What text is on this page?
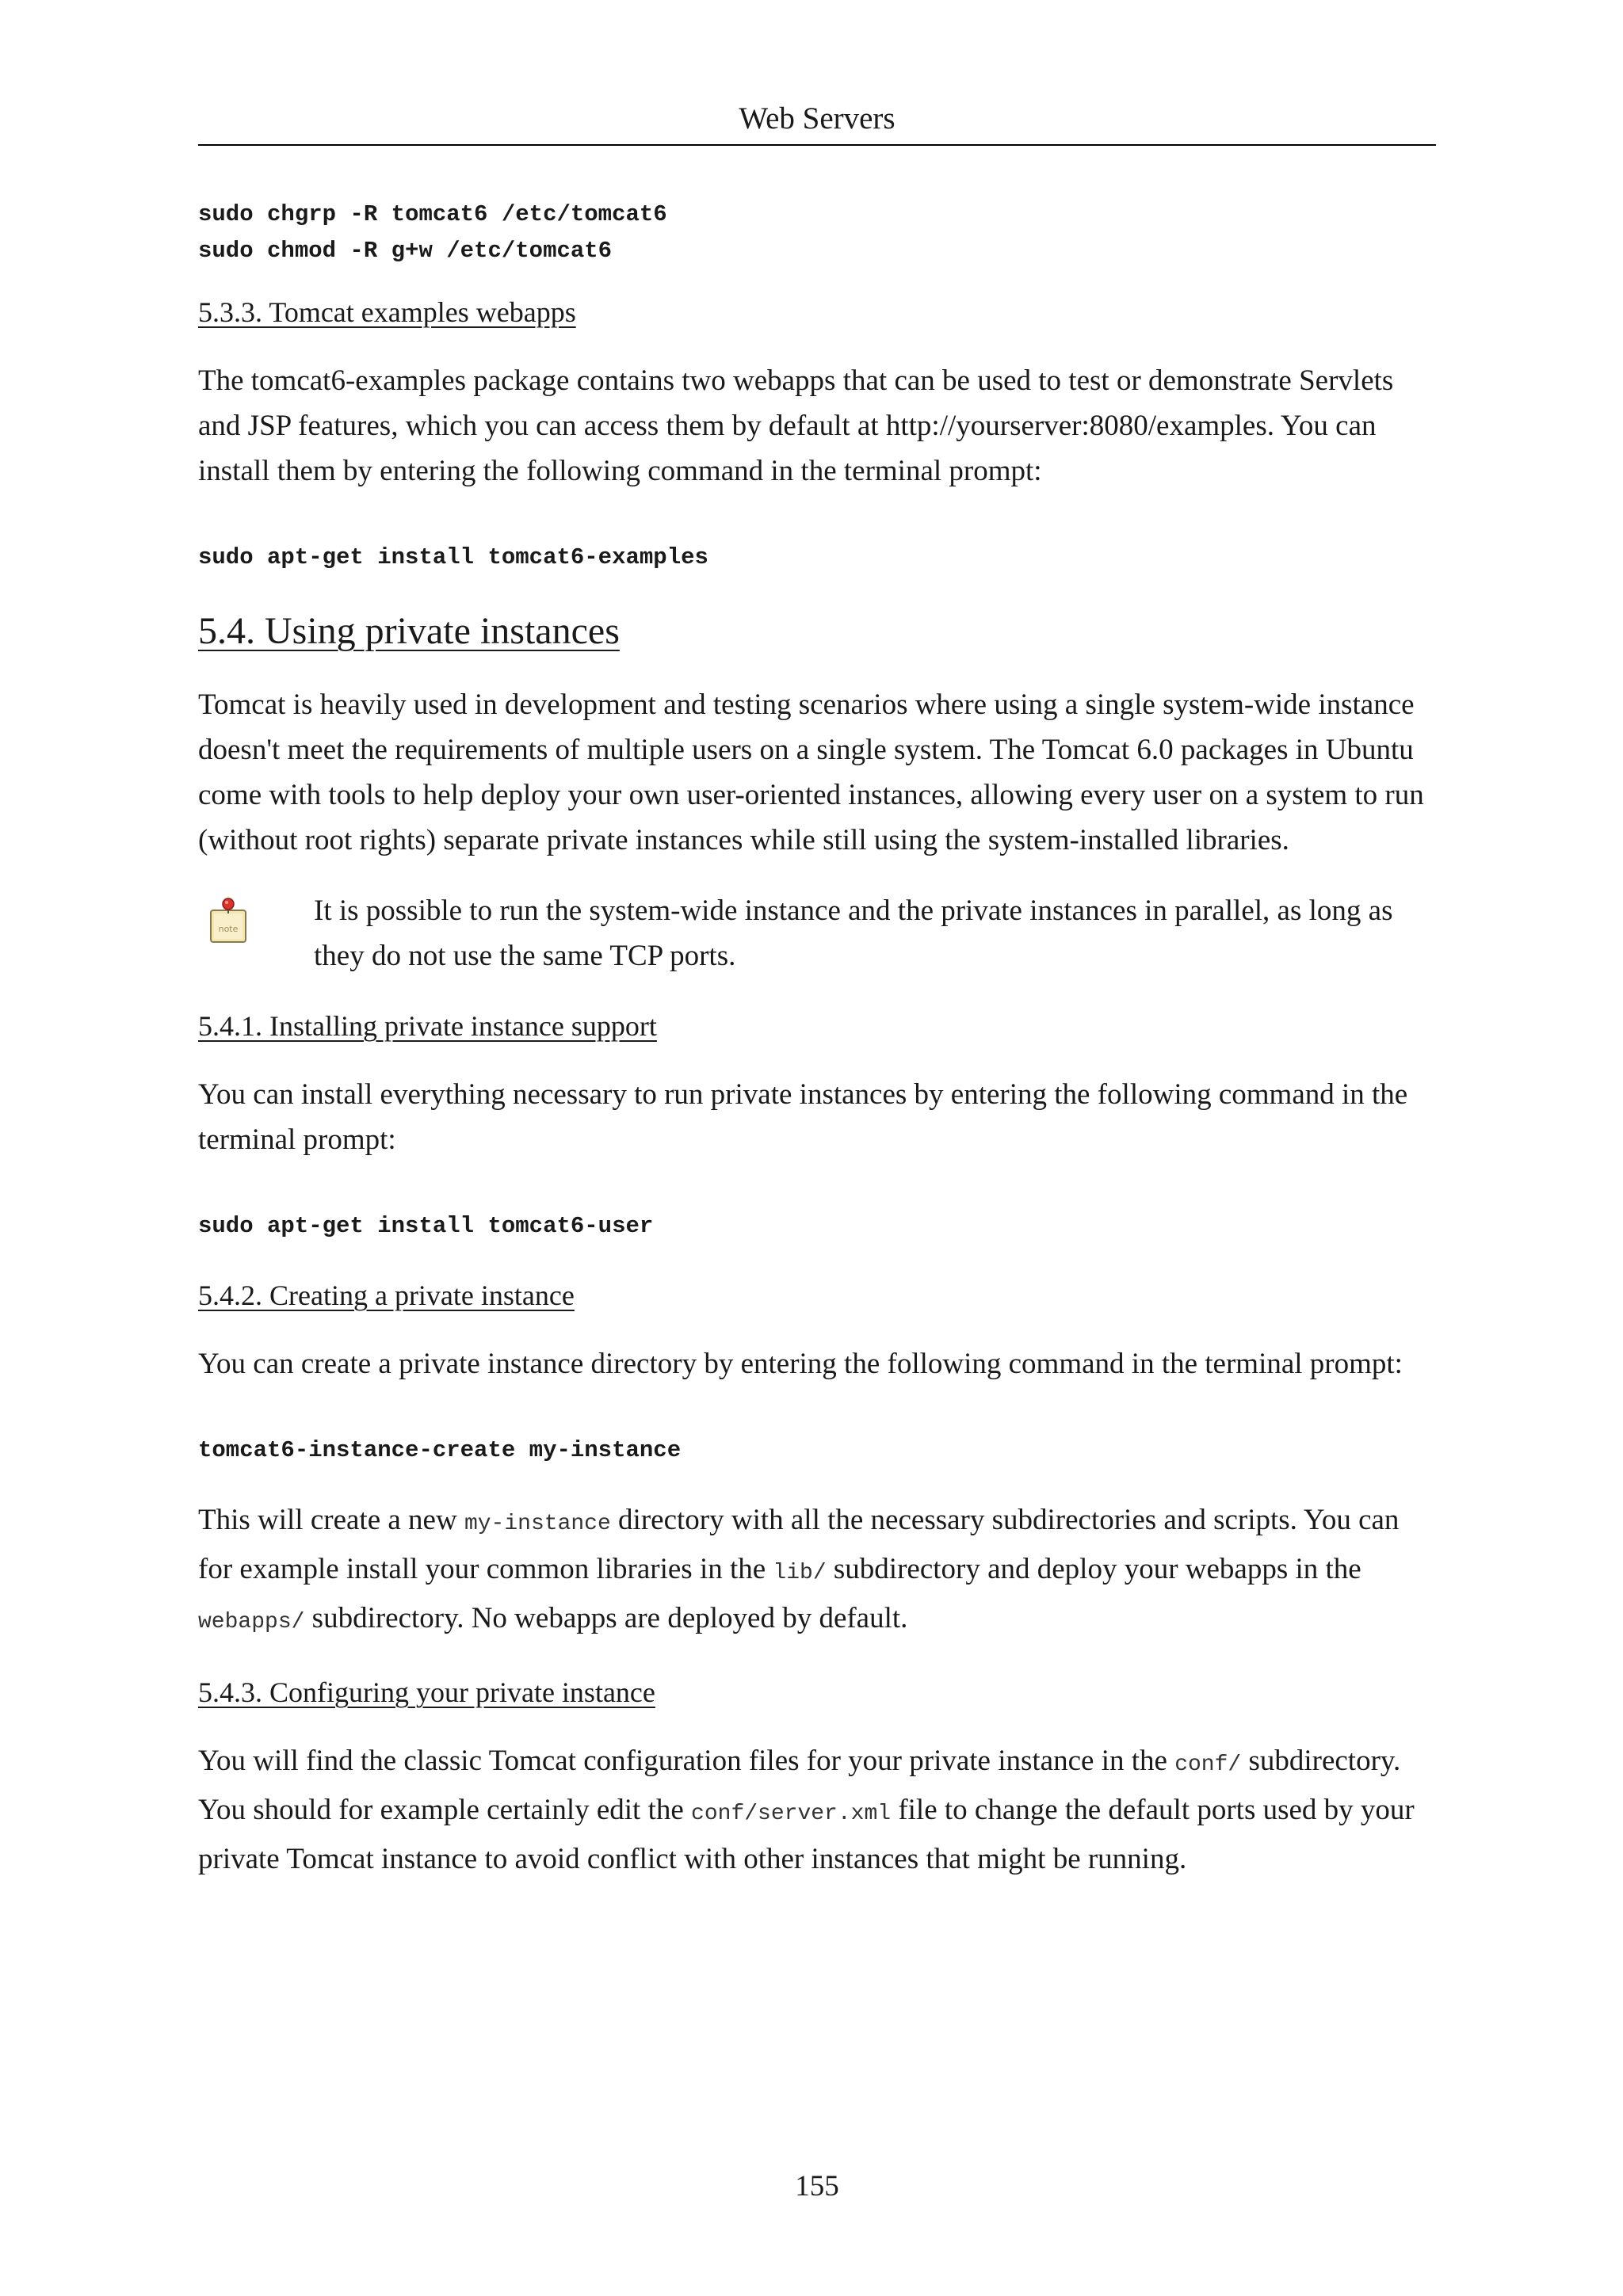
Web Servers
sudo chgrp -R tomcat6 /etc/tomcat6
sudo chmod -R g+w /etc/tomcat6
5.3.3. Tomcat examples webapps

The tomcat6-examples package contains two webapps that can be used to test or demonstrate Servlets and JSP features, which you can access them by default at http://yourserver:8080/examples. You can install them by entering the following command in the terminal prompt:

sudo apt-get install tomcat6-examples
5.4. Using private instances

Tomcat is heavily used in development and testing scenarios where using a single system-wide instance doesn't meet the requirements of multiple users on a single system. The Tomcat 6.0 packages in Ubuntu come with tools to help deploy your own user-oriented instances, allowing every user on a system to run (without root rights) separate private instances while still using the system-installed libraries.

note
It is possible to run the system-wide instance and the private instances in parallel, as long as they do not use the same TCP ports.
5.4.1. Installing private instance support

You can install everything necessary to run private instances by entering the following command in the terminal prompt:

sudo apt-get install tomcat6-user
5.4.2. Creating a private instance

You can create a private instance directory by entering the following command in the terminal prompt:

tomcat6-instance-create my-instance

This will create a new my-instance directory with all the necessary subdirectories and scripts. You can for example install your common libraries in the lib/ subdirectory and deploy your webapps in the webapps/ subdirectory. No webapps are deployed by default.

5.4.3. Configuring your private instance

You will find the classic Tomcat configuration files for your private instance in the conf/ subdirectory. You should for example certainly edit the conf/server.xml file to change the default ports used by your private Tomcat instance to avoid conflict with other instances that might be running.

155
